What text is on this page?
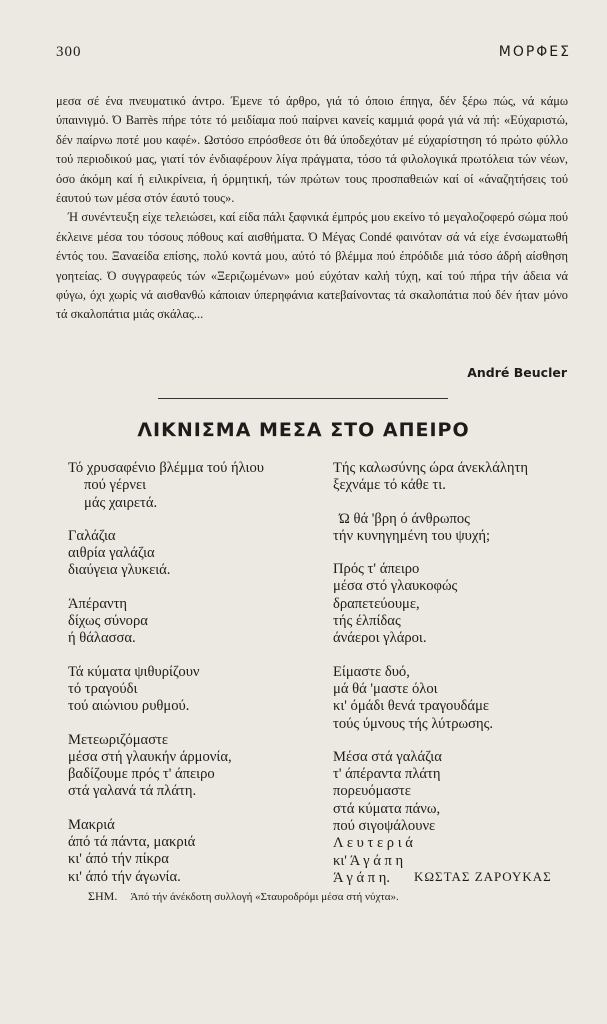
300	ΜΟΡΦΕΣ

μεσα σέ ένα πνευματικό άντρο. Έμενε τό άρθρο, γιά τό όποιο έπηγα, δέν ξέρω πώς, νά κάμω ύπαινιγμό. Ό Barrès πήρε τότε τό μειδίαμα πού παίρνει κανείς καμμιά φορά γιά νά πή: «Εύχαριστώ, δέν παίρνω ποτέ μου καφέ». Ωστόσο επρόσθεσε ότι θά ύποδεχόταν μέ εύχαρίστηση τό πρώτο φύλλο τού περιοδικού μας, γιατί τόν ένδιαφέρουν λίγα πράγματα, τόσο τά φιλολογικά πρωτόλεια τών νέων, όσο άκόμη καί ή ειλικρίνεια, ή όρμητική, τών πρώτων τους προσπαθειών καί οί «άναζητήσεις τού έαυτού των μέσα στόν έαυτό τους».

Ή συνέντευξη είχε τελειώσει, καί είδα πάλι ξαφνικά έμπρός μου εκείνο τό μεγαλοζοφερό σώμα πού έκλεινε μέσα του τόσους πόθους καί αισθήματα. Ό Μέγας Condé φαινόταν σά νά είχε ένσωματωθή έντός του. Ξαναείδα επίσης, πολύ κοντά μου, αύτό τό βλέμμα πού έπρόδιδε μιά τόσο άδρή αίσθηση γοητείας. Ό συγγραφεύς τών «Ξεριζωμένων» μού εύχόταν καλή τύχη, καί τού πήρα τήν άδεια νά φύγω, όχι χωρίς νά αισθανθώ κάποιαν ύπερηφάνια κατεβαίνοντας τά σκαλοπάτια πού δέν ήταν μόνο τά σκαλοπάτια μιάς σκάλας...

André Beucler
ΛΙΚΝΙΣΜΑ ΜΕΣΑ ΣΤΟ ΑΠΕΙΡΟ
Τό χρυσαφένιο βλέμμα τού ήλιου
πού γέρνει
μάς χαιρετά.
Γαλάζια
αιθρία γαλάζια
διαύγεια γλυκειά.
Άπέραντη
δίχως σύνορα
ή θάλασσα.
Τά κύματα ψιθυρίζουν
τό τραγούδι
τού αιώνιου ρυθμού.
Μετεωριζόμαστε
μέσα στή γλαυκήν άρμονία,
βαδίζουμε πρός τ' άπειρο
στά γαλανά τά πλάτη.
Μακριά
άπό τά πάντα, μακριά
κι' άπό τήν πίκρα
κι' άπό τήν άγωνία.
Τής καλωσύνης ώρα άνεκλάλητη
ξεχνάμε τό κάθε τι.
Ώ θά 'βρη ό άνθρωπος
τήν κυνηγημένη του ψυχή;
Πρός τ' άπειρο
μέσα στό γλαυκοφώς
δραπετεύουμε,
τής έλπίδας
άνάεροι γλάροι.
Είμαστε δυό,
μά θά 'μαστε όλοι
κι' όμάδι θενά τραγουδάμε
τούς ύμνους τής λύτρωσης.
Μέσα στά γαλάζια
τ' άπέραντα πλάτη
πορευόμαστε
στά κύματα πάνω,
πού σιγοψάλουνε
Λ ε υ τ ε ρ ι ά
κι' Ά γ ά π η
Ά γ ά π η.	ΚΩΣΤΑΣ ΖΑΡΟΥΚΑΣ
ΣΗΜ. Άπό τήν άνέκδοτη συλλογή «Σταυροδρόμι μέσα στή νύχτα».
